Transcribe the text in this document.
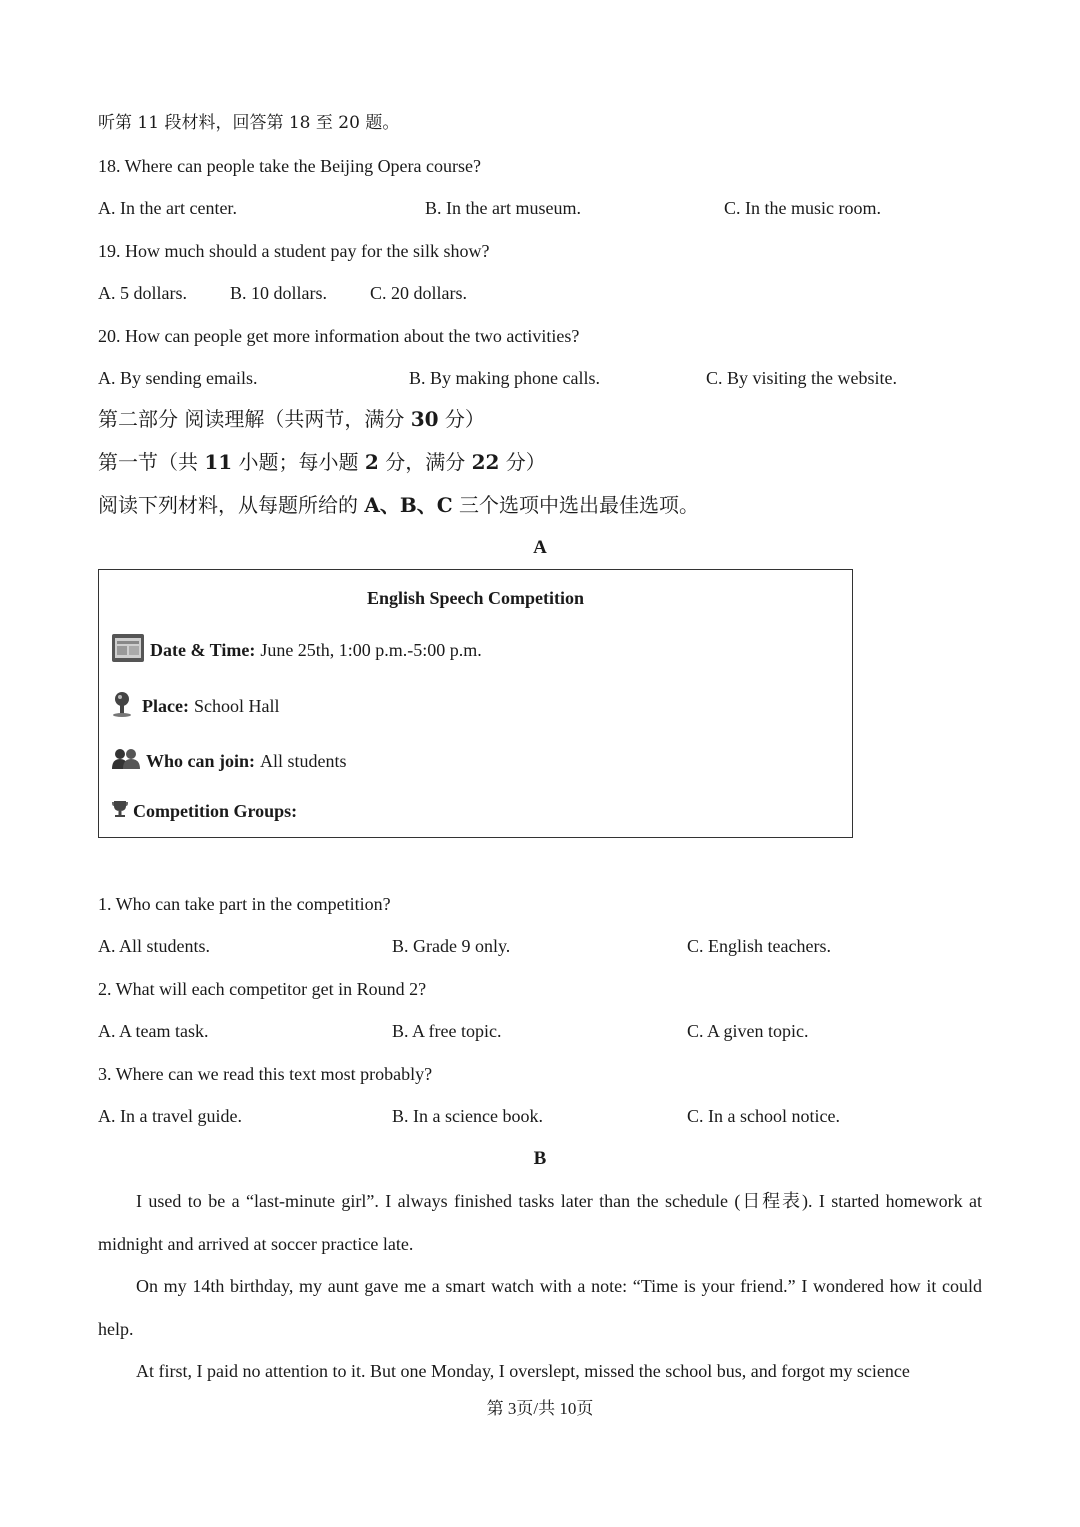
听第 11 段材料，回答第 18 至 20 题。
18. Where can people take the Beijing Opera course?
A. In the art center.	B. In the art museum.	C. In the music room.
19. How much should a student pay for the silk show?
A. 5 dollars. B. 10 dollars. C. 20 dollars.
20. How can people get more information about the two activities?
A. By sending emails.	B. By making phone calls.	C. By visiting the website.
第二部分 阅读理解（共两节，满分 30 分）
第一节（共 11 小题；每小题 2 分，满分 22 分）
阅读下列材料，从每题所给的 A、B、C 三个选项中选出最佳选项。
A
English Speech Competition
Date & Time: June 25th, 1:00 p.m.-5:00 p.m.
Place: School Hall
Who can join: All students
Competition Groups:
1. Who can take part in the competition?
A. All students.	B. Grade 9 only.	C. English teachers.
2. What will each competitor get in Round 2?
A. A team task.	B. A free topic.	C. A given topic.
3. Where can we read this text most probably?
A. In a travel guide.	B. In a science book.	C. In a school notice.
B
I used to be a “last-minute girl”. I always finished tasks later than the schedule (日程表). I started homework at midnight and arrived at soccer practice late.
On my 14th birthday, my aunt gave me a smart watch with a note: “Time is your friend.” I wondered how it could help.
At first, I paid no attention to it. But one Monday, I overslept, missed the school bus, and forgot my science
第 3页/共 10页
